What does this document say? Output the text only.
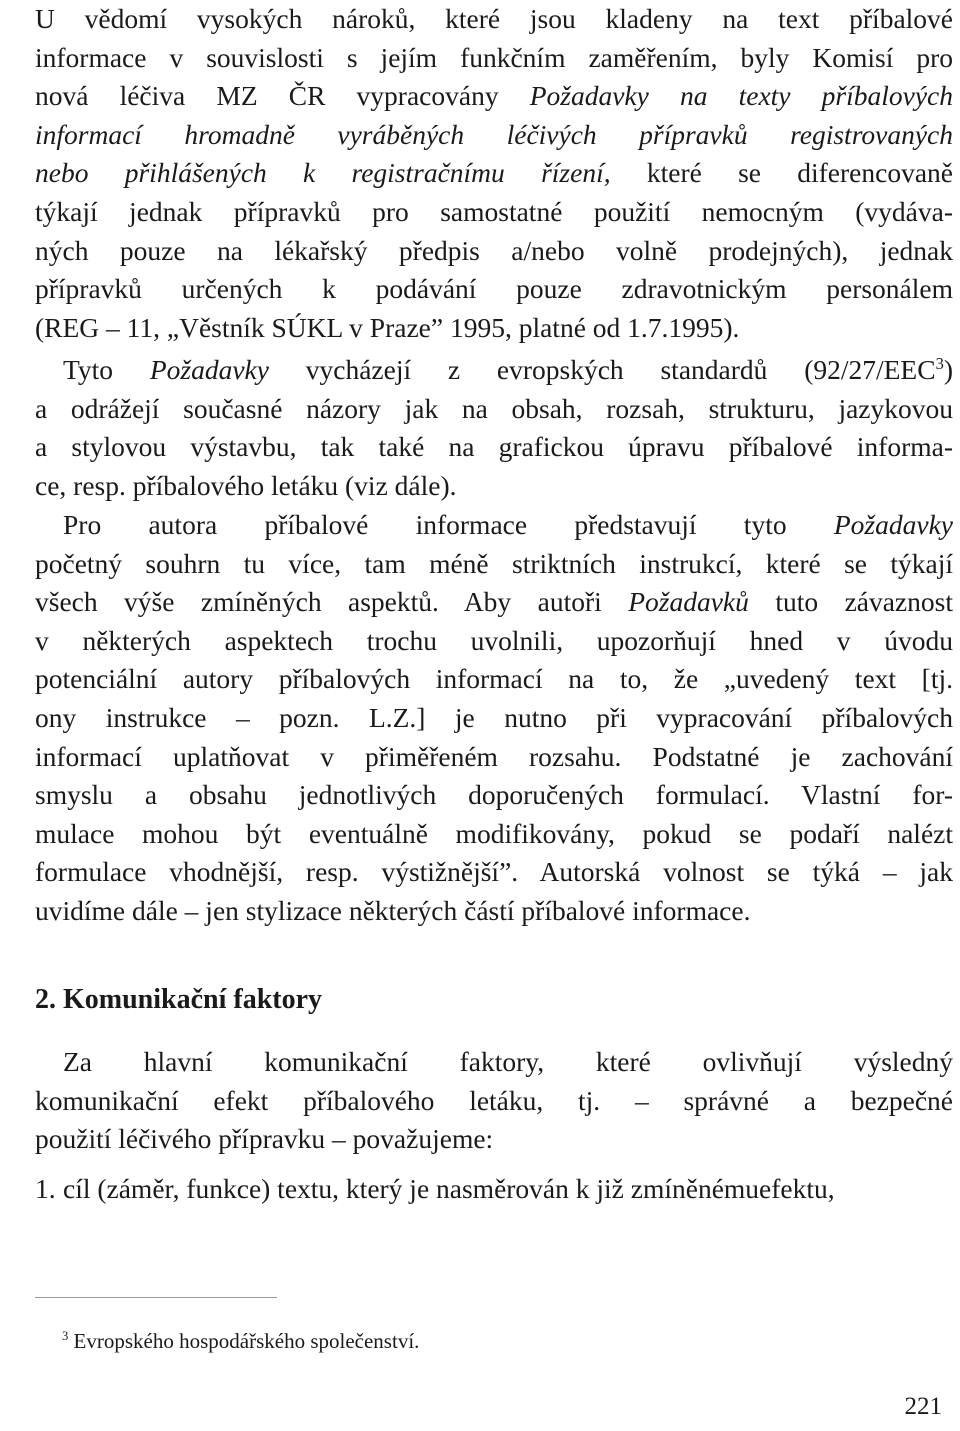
U vědomí vysokých nároků, které jsou kladeny na text příbalové
informace v souvislosti s jejím funkčním zaměřením, byly Komisí pro
nová léčiva MZ ČR vypracovány Požadavky na texty příbalových
informací hromadně vyráběných léčivých přípravků registrovaných
nebo přihlášených k registračnímu řízení, které se diferencovaně
týkají jednak přípravků pro samostatné použití nemocným (vydáva-
ných pouze na lékařský předpis a/nebo volně prodejných), jednak
přípravků určených k podávání pouze zdravotnickým personálem
(REG – 11, „Věstník SÚKL v Praze” 1995, platné od 1.7.1995).
Tyto Požadavky vycházejí z evropských standardů (92/27/EEC$^3$)
a odrážejí současné názory jak na obsah, rozsah, strukturu, jazykovou
a stylovou výstavbu, tak také na grafickou úpravu příbalové informa-
ce, resp. příbalového letáku (viz dále).
Pro autora příbalové informace představují tyto Požadavky
početný souhrn tu více, tam méně striktních instrukcí, které se týkají
všech výše zmíněných aspektů. Aby autoři Požadavků tuto závaznost
v některých aspektech trochu uvolnili, upozorňují hned v úvodu
potenciální autory příbalových informací na to, že „uvedený text [tj.
ony instrukce – pozn. L.Z.] je nutno při vypracování příbalových
informací uplatňovat v přiměřeném rozsahu. Podstatné je zachování
smyslu a obsahu jednotlivých doporučených formulací. Vlastní for-
mulace mohou být eventuálně modifikovány, pokud se podaří nalézt
formulace vhodnější, resp. výstižnější”. Autorská volnost se týká – jak
uvidíme dále – jen stylizace některých částí příbalové informace.
2. Komunikační faktory
Za hlavní komunikační faktory, které ovlivňují výsledný
komunikační efekt příbalového letáku, tj. – správné a bezpečné
použití léčivého přípravku – považujeme:
1. cíl (záměr, funkce) textu, který je nasměrován k již zmíněnémuefektu,
$^3$ Evropského hospodářského společenství.
221
